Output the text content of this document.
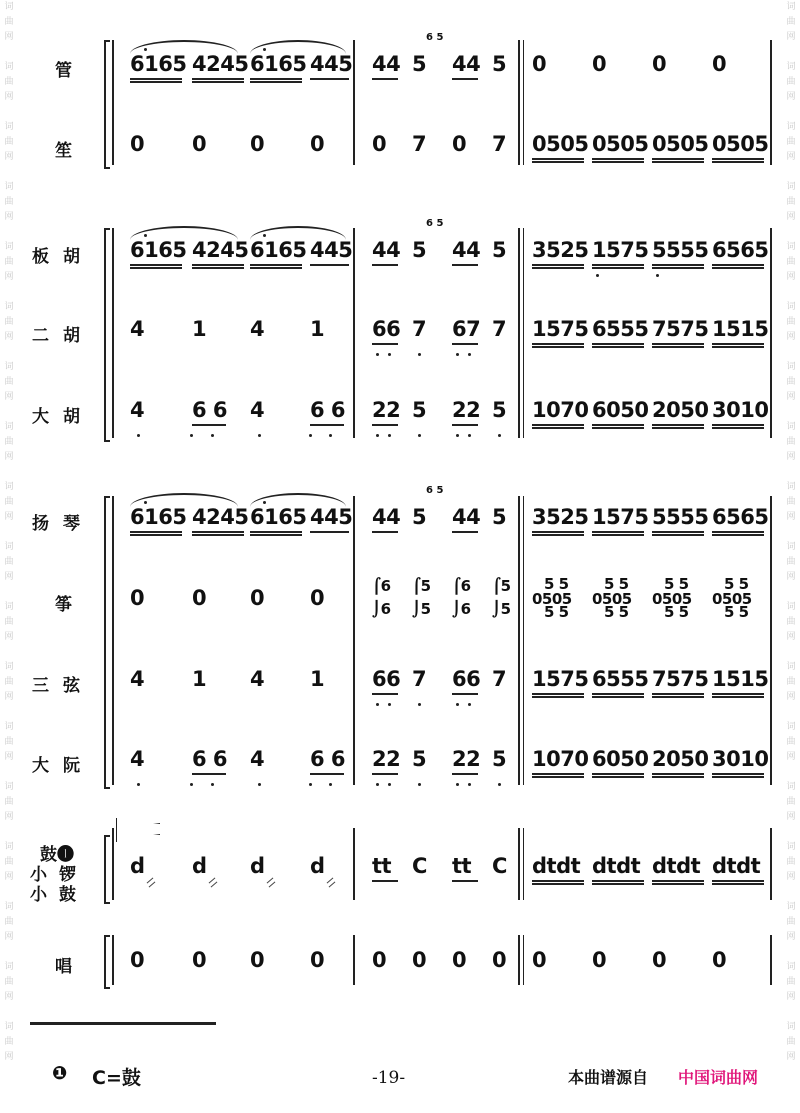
词
曲
网
词
曲
网
词
曲
网
词
曲
网
词
曲
网
词
曲
网
词
曲
网
词
曲
网
词
曲
网
词
曲
网
词
曲
网
词
曲
网
词
曲
网
词
曲
网
词
曲
网
词
曲
网
词
曲
网
词
曲
网
词
曲
网
词
曲
网
词
曲
网
词
曲
网
词
曲
网
词
曲
网
词
曲
网
词
曲
网
词
曲
网
词
曲
网
词
曲
网
词
曲
网
词
曲
网
词
曲
网
词
曲
网
词
曲
网
词
曲
网
词
曲
网
管
笙
板胡
二胡
大胡
扬琴
筝
三弦
大阮
鼓❶
小锣
小鼓
唱
6165 4245 6165 445 44 5 44 5 0 0 0 0
0 0 0 0 0 7 0 7 0505 0505 0505 0505
6165 4245 6165 445 44 5 44 5 3525 1575 5555 6565
4 1 4 1 66 7 67 7 1575 6555 7575 1515
4 6 6 4 6 6 22 5 22 5 1070 6050 2050 3010
6165 4245 6165 445 44 5 44 5 3525 1575 5555 6565
0 0 0 0
4 1 4 1 66 7 66 7 1575 6555 7575 1515
4 6 6 4 6 6 22 5 22 5 1070 6050 2050 3010
d d d d tt C tt C dtdt dtdt dtdt dtdt
0 0 0 0 0 0 0 0 0 0 0 0
⌠6
⌡6
⌠5
⌡5
⌠6
⌡6
⌠5
⌡5
5 5
0505
5 5
5 5
0505
5 5
5 5
0505
5 5
5 5
0505
5 5
6 5
6 5
6 5
❶ C=鼓	-19-	本曲谱源自 中国词曲网
